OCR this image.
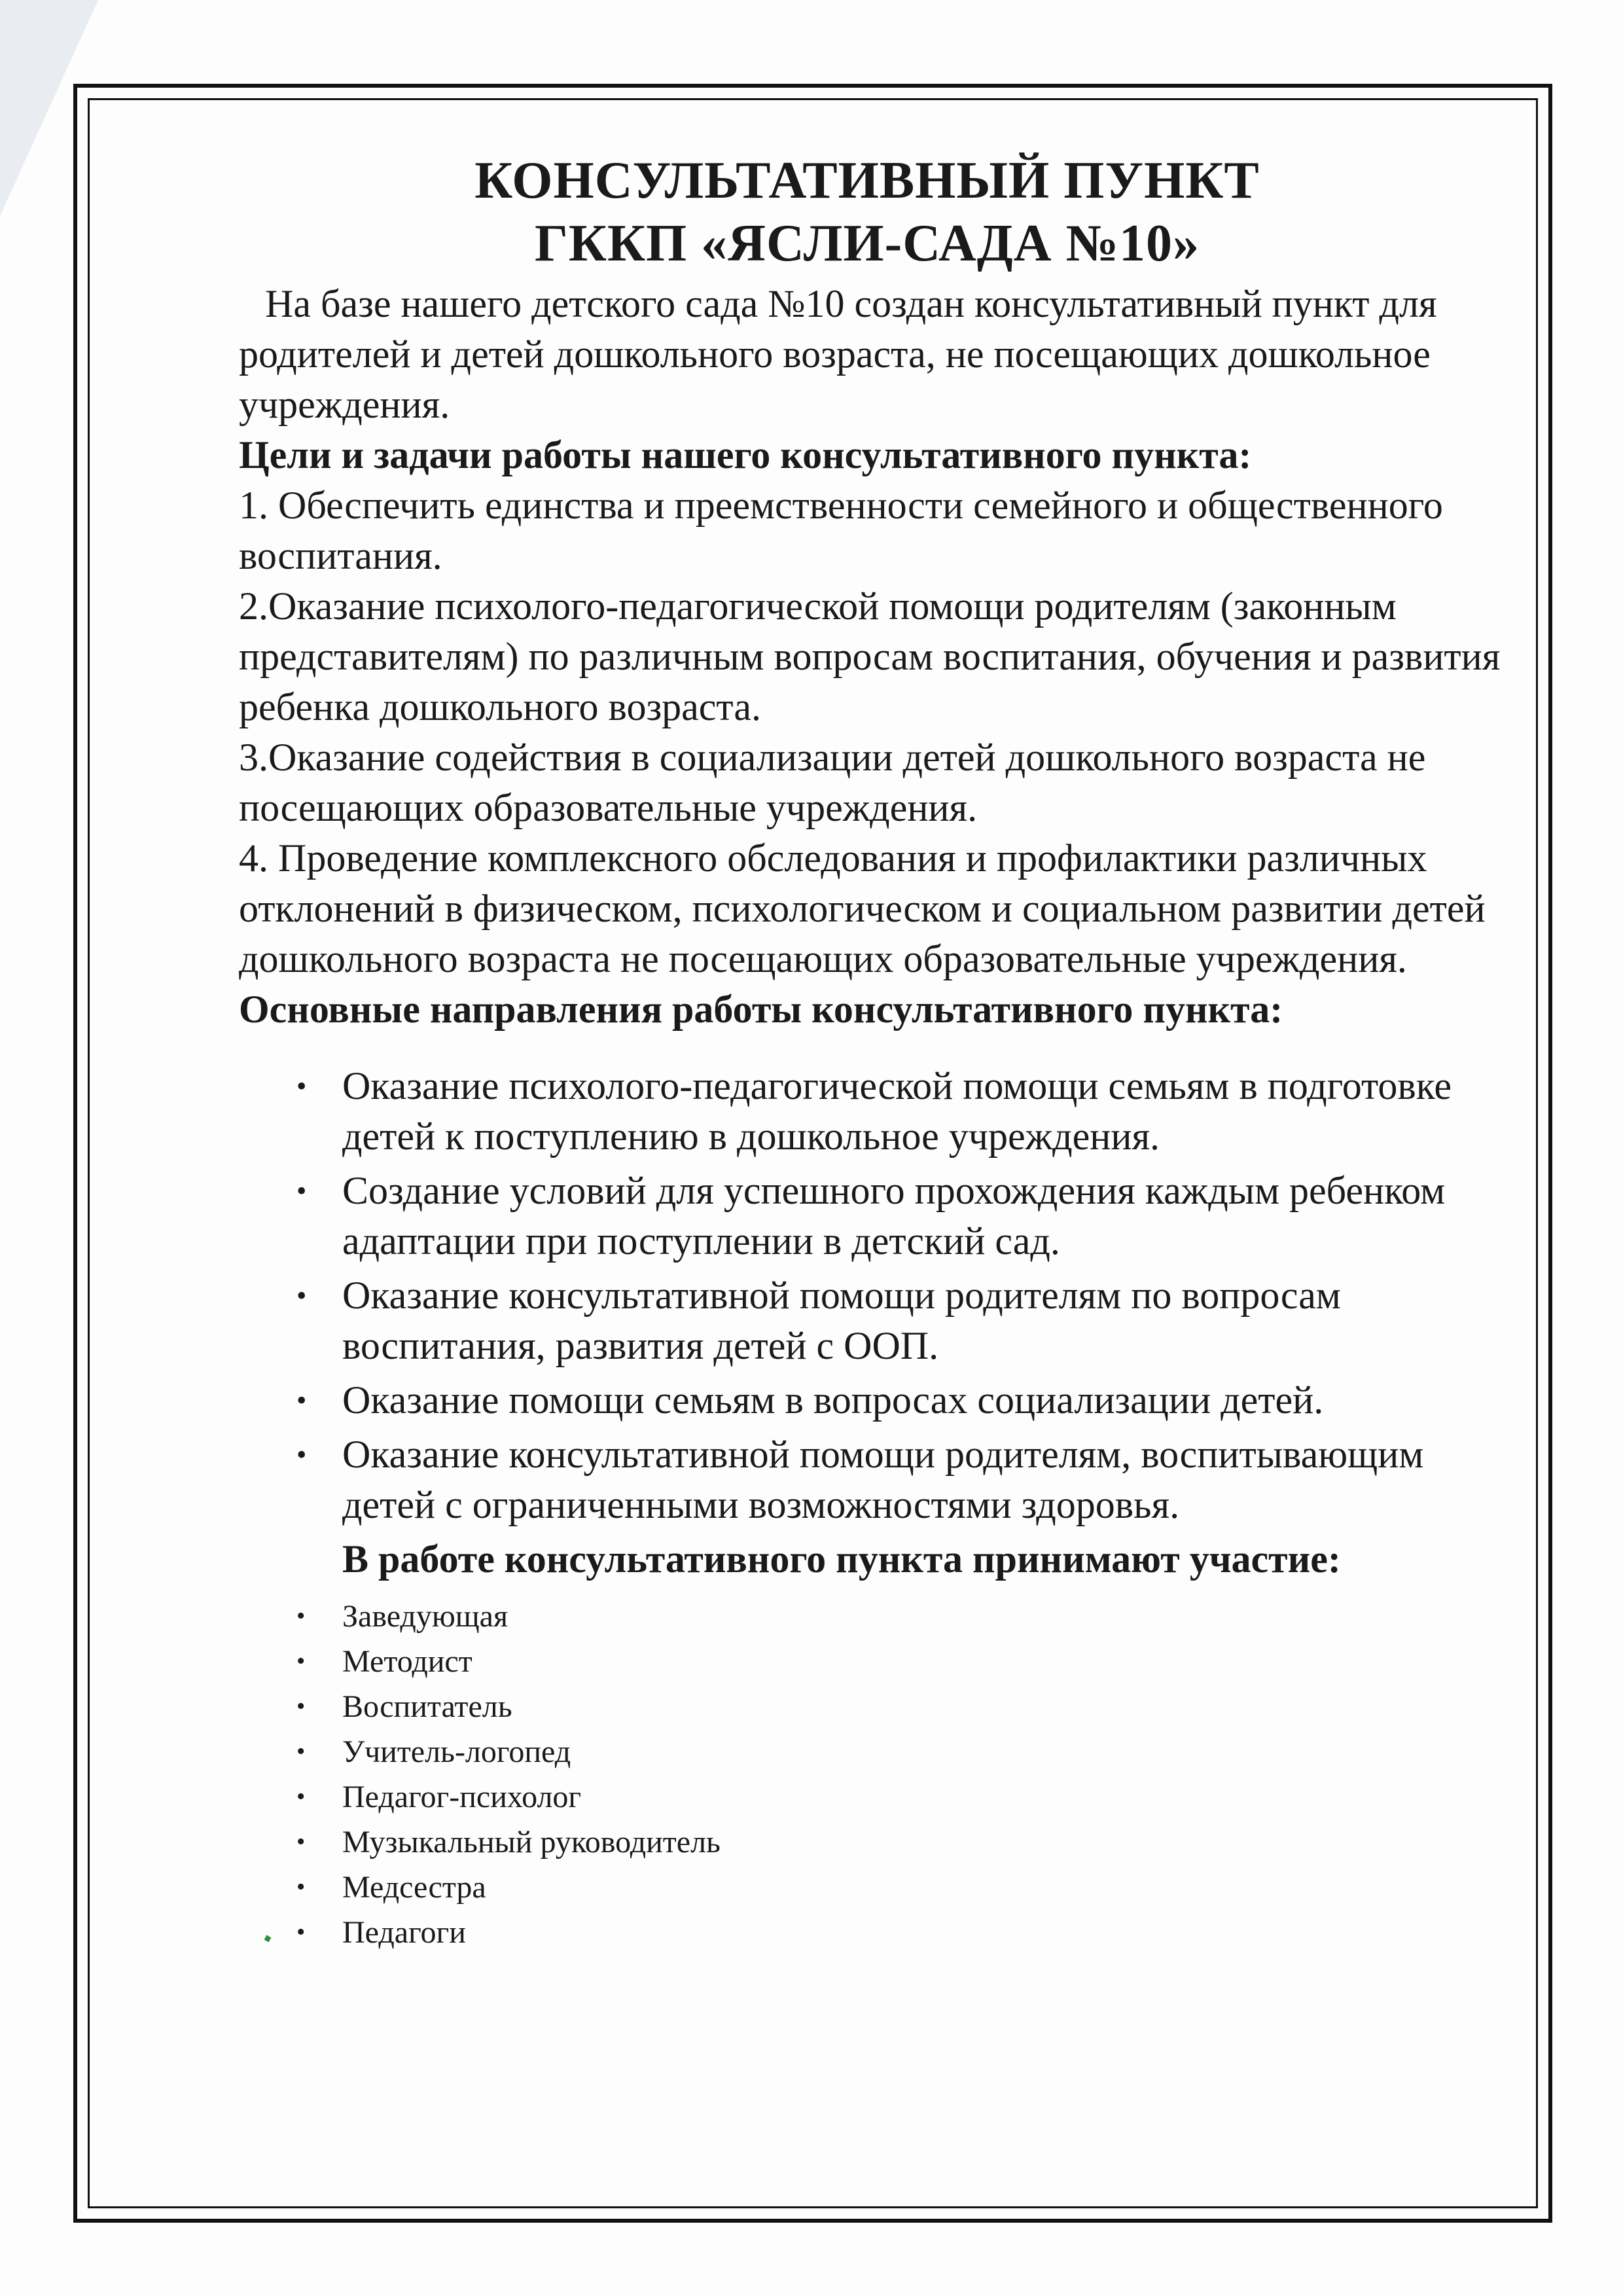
КОНСУЛЬТАТИВНЫЙ ПУНКТ
ГККП «ЯСЛИ-САДА №10»

На базе нашего детского сада №10 создан консультативный пункт для родителей и детей дошкольного возраста, не посещающих дошкольное учреждения.

Цели и задачи работы нашего консультативного пункта:

1. Обеспечить единства и преемственности семейного и общественного воспитания.

2.Оказание психолого-педагогической помощи родителям (законным представителям) по различным вопросам воспитания, обучения и развития ребенка дошкольного возраста.

3.Оказание содействия в социализации детей дошкольного возраста не посещающих образовательные учреждения.

4. Проведение комплексного обследования и профилактики различных отклонений в физическом, психологическом и социальном развитии детей дошкольного возраста не посещающих образовательные учреждения.

Основные направления работы консультативного пункта:

• Оказание психолого-педагогической помощи семьям в подготовке детей к поступлению в дошкольное учреждения.
• Создание условий для успешного прохождения каждым ребенком адаптации при поступлении в детский сад.
• Оказание консультативной помощи родителям по вопросам воспитания, развития детей с ООП.
• Оказание помощи семьям в вопросах социализации детей.
• Оказание консультативной помощи родителям, воспитывающим детей с ограниченными возможностями здоровья.

В работе консультативного пункта принимают участие:

• Заведующая
• Методист
• Воспитатель
• Учитель-логопед
• Педагог-психолог
• Музыкальный руководитель
• Медсестра
• Педагоги
